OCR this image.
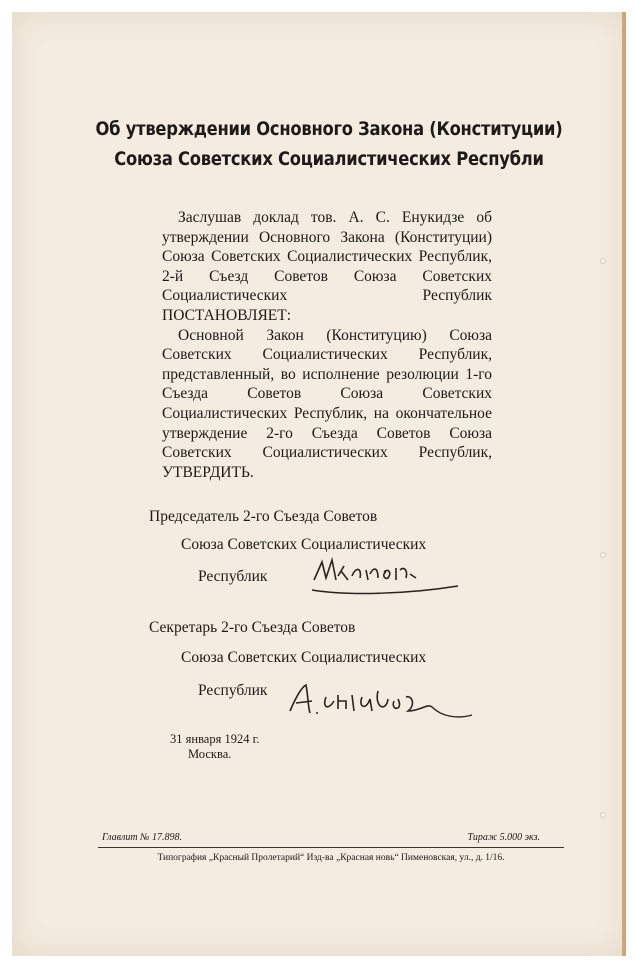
Об утверждении Основного Закона (Конституции)
Союза Советских Социалистических Республи

Заслушав доклад тов. А. С. Енукидзе об утверждении Основного Закона (Конституции) Союза Советских Социалистических Республик, 2-й Съезд Советов Союза Советских Социалистических Республик ПОСТАНОВЛЯЕТ:

Основной Закон (Конституцию) Союза Советских Социалистических Республик, представленный, во исполнение резолюции 1-го Съезда Советов Союза Советских Социалистических Республик, на окончательное утверждение 2-го Съезда Советов Союза Советских Социалистических Республик, УТВЕРДИТЬ.

Председатель 2-го Съезда Советов
Союза Советских Социалистических
Республик
Секретарь 2-го Съезда Советов
Союза Советских Социалистических
Республик
31 января 1924 г.
Москва.
Главлит № 17.898.	Тираж 5.000 экз.
Типография „Красный Пролетарий“ Изд-ва „Красная новь“ Пименовская, ул., д. 1/16.
